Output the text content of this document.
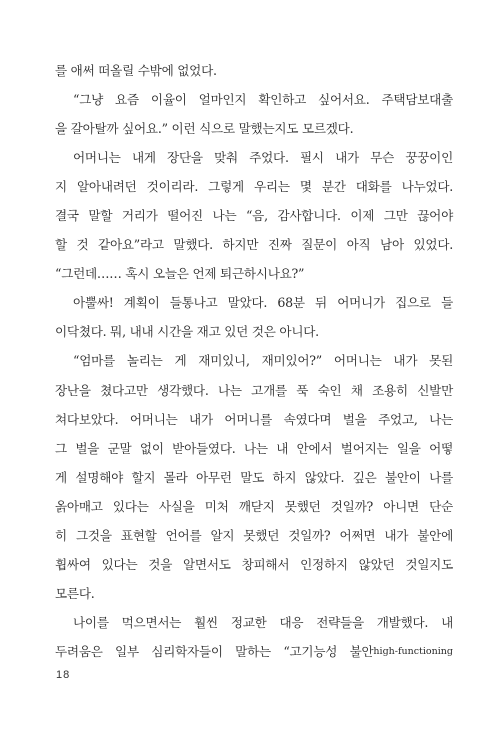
를 애써 떠올릴 수밖에 없었다.
“그냥 요즘 이율이 얼마인지 확인하고 싶어서요. 주택담보대출
을 갈아탈까 싶어요.” 이런 식으로 말했는지도 모르겠다.
어머니는 내게 장단을 맞춰 주었다. 필시 내가 무슨 꿍꿍이인
지 알아내려던 것이리라. 그렇게 우리는 몇 분간 대화를 나누었다.
결국 말할 거리가 떨어진 나는 “음, 감사합니다. 이제 그만 끊어야
할 것 같아요”라고 말했다. 하지만 진짜 질문이 아직 남아 있었다.
“그런데…… 혹시 오늘은 언제 퇴근하시나요?”
아뿔싸! 계획이 들통나고 말았다. 68분 뒤 어머니가 집으로 들
이닥쳤다. 뭐, 내내 시간을 재고 있던 것은 아니다.
“엄마를 놀리는 게 재미있니, 재미있어?” 어머니는 내가 못된
장난을 쳤다고만 생각했다. 나는 고개를 푹 숙인 채 조용히 신발만
쳐다보았다. 어머니는 내가 어머니를 속였다며 벌을 주었고, 나는
그 벌을 군말 없이 받아들였다. 나는 내 안에서 벌어지는 일을 어떻
게 설명해야 할지 몰라 아무런 말도 하지 않았다. 깊은 불안이 나를
옭아매고 있다는 사실을 미처 깨닫지 못했던 것일까? 아니면 단순
히 그것을 표현할 언어를 알지 못했던 것일까? 어쩌면 내가 불안에
휩싸여 있다는 것을 알면서도 창피해서 인정하지 않았던 것일지도
모른다.
나이를 먹으면서는 훨씬 정교한 대응 전략들을 개발했다. 내
두려움은 일부 심리학자들이 말하는 “고기능성 불안high-functioning
18
